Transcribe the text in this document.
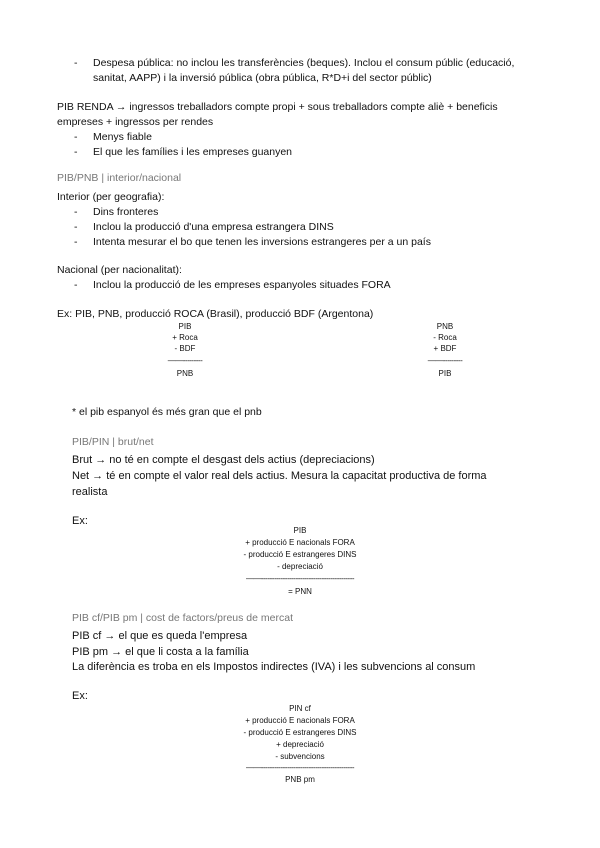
- Despesa pública: no inclou les transferències (beques). Inclou el consum públic (educació,
sanitat, AAPP) i la inversió pública (obra pública, R*D+i del sector públic)
PIB RENDA → ingressos treballadors compte propi + sous treballadors compte aliè + beneficis
empreses + ingressos per rendes
- Menys fiable
- El que les famílies i les empreses guanyen
PIB/PNB | interior/nacional
Interior (per geografia):
- Dins fronteres
- Inclou la producció d'una empresa estrangera DINS
- Intenta mesurar el bo que tenen les inversions estrangeres per a un país
Nacional (per nacionalitat):
- Inclou la producció de les empreses espanyoles situades FORA
Ex: PIB, PNB, producció ROCA (Brasil), producció BDF (Argentona)
PIB
+ Roca
- BDF
——---------
PNB
PNB
- Roca
+ BDF
——---------
PIB
* el pib espanyol és més gran que el pnb
PIB/PIN | brut/net
Brut → no té en compte el desgast dels actius (depreciacions)
Net → té en compte el valor real dels actius. Mesura la capacitat productiva de forma
realista
Ex:
PIB
+ producció E nacionals FORA
- producció E estrangeres DINS
- depreciació
——-------------------------------------------
= PNN
PIB cf/PIB pm | cost de factors/preus de mercat
PIB cf → el que es queda l'empresa
PIB pm → el que li costa a la família
La diferència es troba en els Impostos indirectes (IVA) i les subvencions al consum
Ex:
PIN cf
+ producció E nacionals FORA
- producció E estrangeres DINS
+ depreciació
- subvencions
——-------------------------------------------
PNB pm
